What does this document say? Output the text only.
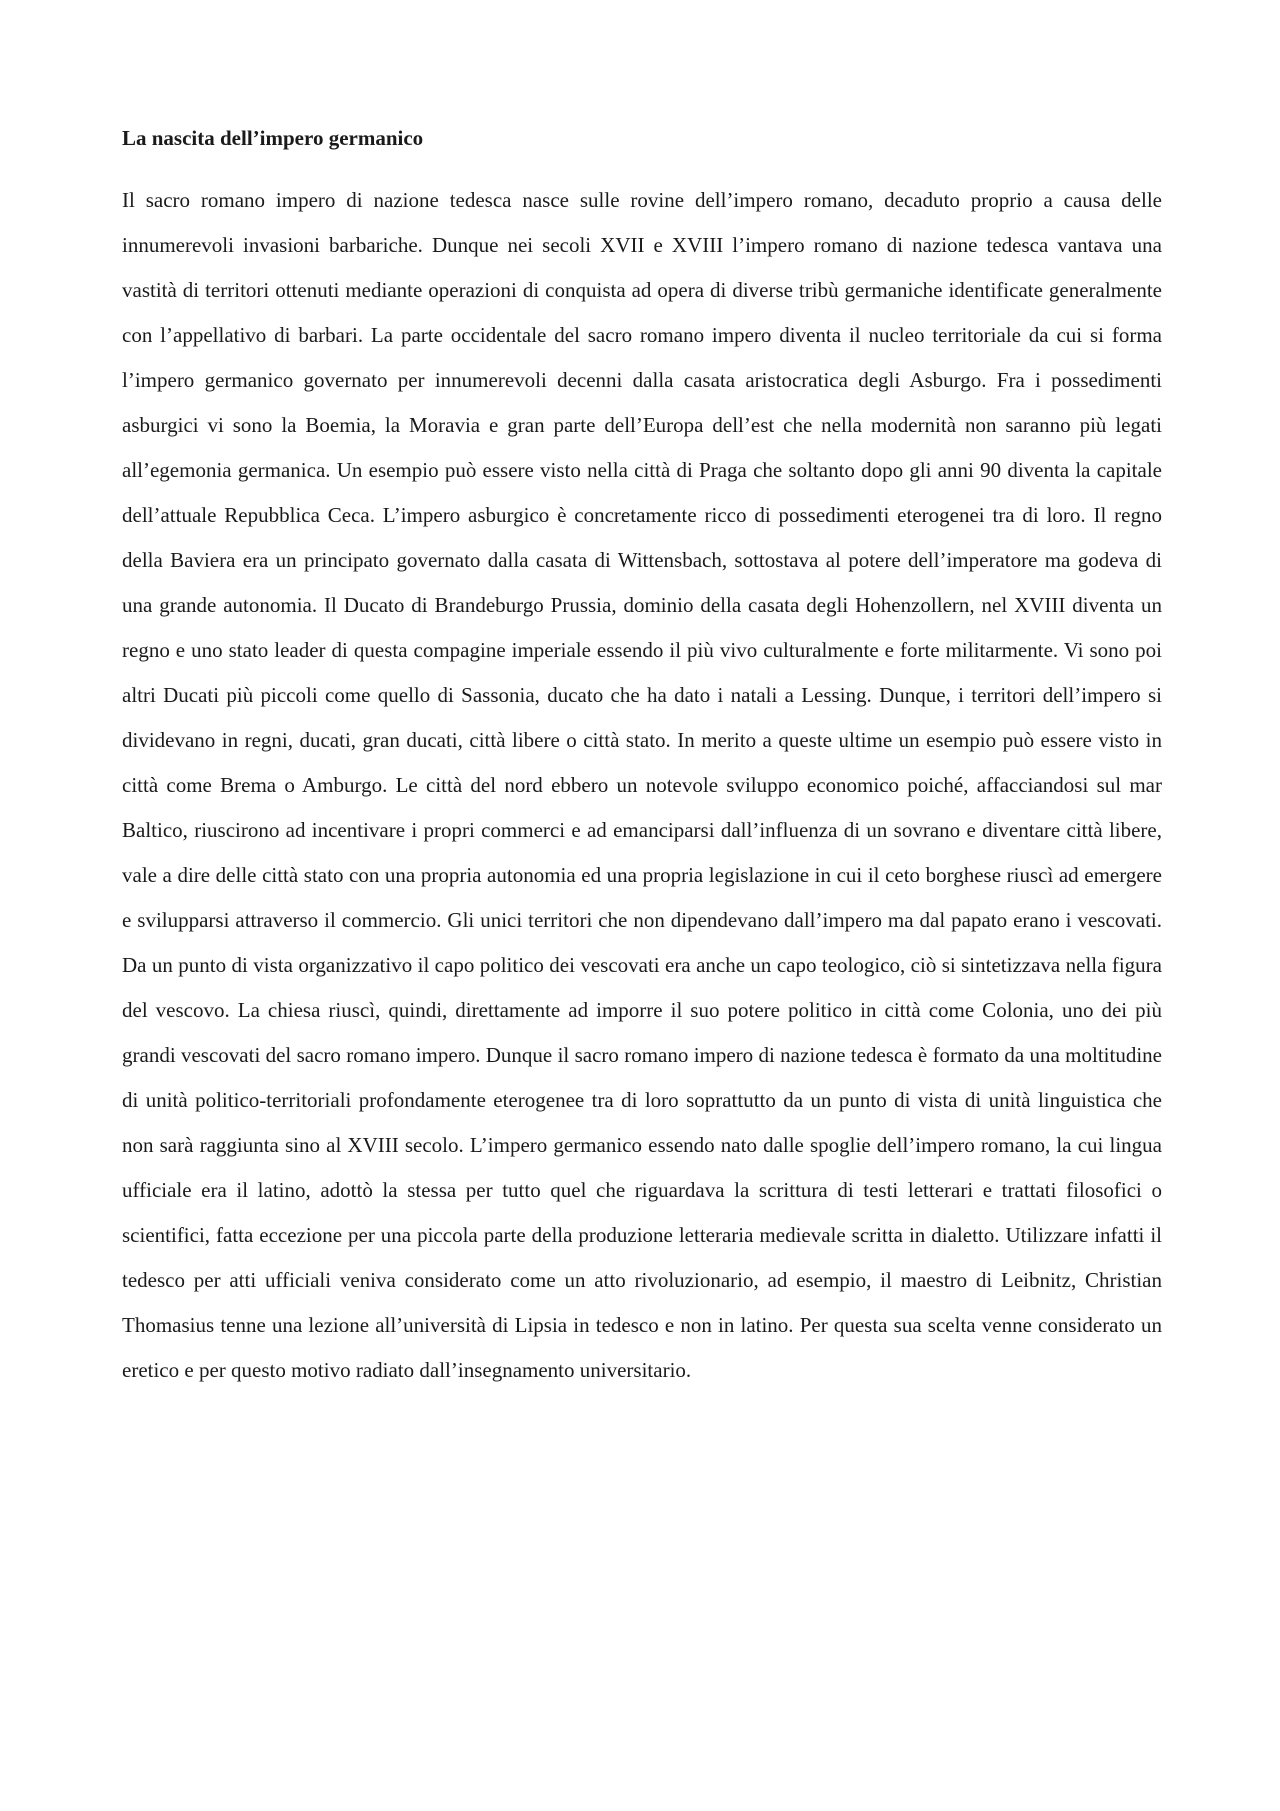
La nascita dell’impero germanico

Il sacro romano impero di nazione tedesca nasce sulle rovine dell’impero romano, decaduto proprio a causa delle innumerevoli invasioni barbariche. Dunque nei secoli XVII e XVIII l’impero romano di nazione tedesca vantava una vastità di territori ottenuti mediante operazioni di conquista ad opera di diverse tribù germaniche identificate generalmente con l’appellativo di barbari. La parte occidentale del sacro romano impero diventa il nucleo territoriale da cui si forma l’impero germanico governato per innumerevoli decenni dalla casata aristocratica degli Asburgo. Fra i possedimenti asburgici vi sono la Boemia, la Moravia e gran parte dell’Europa dell’est che nella modernità non saranno più legati all’egemonia germanica. Un esempio può essere visto nella città di Praga che soltanto dopo gli anni 90 diventa la capitale dell’attuale Repubblica Ceca. L’impero asburgico è concretamente ricco di possedimenti eterogenei tra di loro. Il regno della Baviera era un principato governato dalla casata di Wittensbach, sottostava al potere dell’imperatore ma godeva di una grande autonomia. Il Ducato di Brandeburgo Prussia, dominio della casata degli Hohenzollern, nel XVIII diventa un regno e uno stato leader di questa compagine imperiale essendo il più vivo culturalmente e forte militarmente. Vi sono poi altri Ducati più piccoli come quello di Sassonia, ducato che ha dato i natali a Lessing. Dunque, i territori dell’impero si dividevano in regni, ducati, gran ducati, città libere o città stato. In merito a queste ultime un esempio può essere visto in città come Brema o Amburgo. Le città del nord ebbero un notevole sviluppo economico poiché, affacciandosi sul mar Baltico, riuscirono ad incentivare i propri commerci e ad emanciparsi dall’influenza di un sovrano e diventare città libere, vale a dire delle città stato con una propria autonomia ed una propria legislazione in cui il ceto borghese riuscì ad emergere e svilupparsi attraverso il commercio. Gli unici territori che non dipendevano dall’impero ma dal papato erano i vescovati. Da un punto di vista organizzativo il capo politico dei vescovati era anche un capo teologico, ciò si sintetizzava nella figura del vescovo. La chiesa riuscì, quindi, direttamente ad imporre il suo potere politico in città come Colonia, uno dei più grandi vescovati del sacro romano impero. Dunque il sacro romano impero di nazione tedesca è formato da una moltitudine di unità politico-territoriali profondamente eterogenee tra di loro soprattutto da un punto di vista di unità linguistica che non sarà raggiunta sino al XVIII secolo. L’impero germanico essendo nato dalle spoglie dell’impero romano, la cui lingua ufficiale era il latino, adottò la stessa per tutto quel che riguardava la scrittura di testi letterari e trattati filosofici o scientifici, fatta eccezione per una piccola parte della produzione letteraria medievale scritta in dialetto. Utilizzare infatti il tedesco per atti ufficiali veniva considerato come un atto rivoluzionario, ad esempio, il maestro di Leibnitz, Christian Thomasius tenne una lezione all’università di Lipsia in tedesco e non in latino. Per questa sua scelta venne considerato un eretico e per questo motivo radiato dall’insegnamento universitario.
